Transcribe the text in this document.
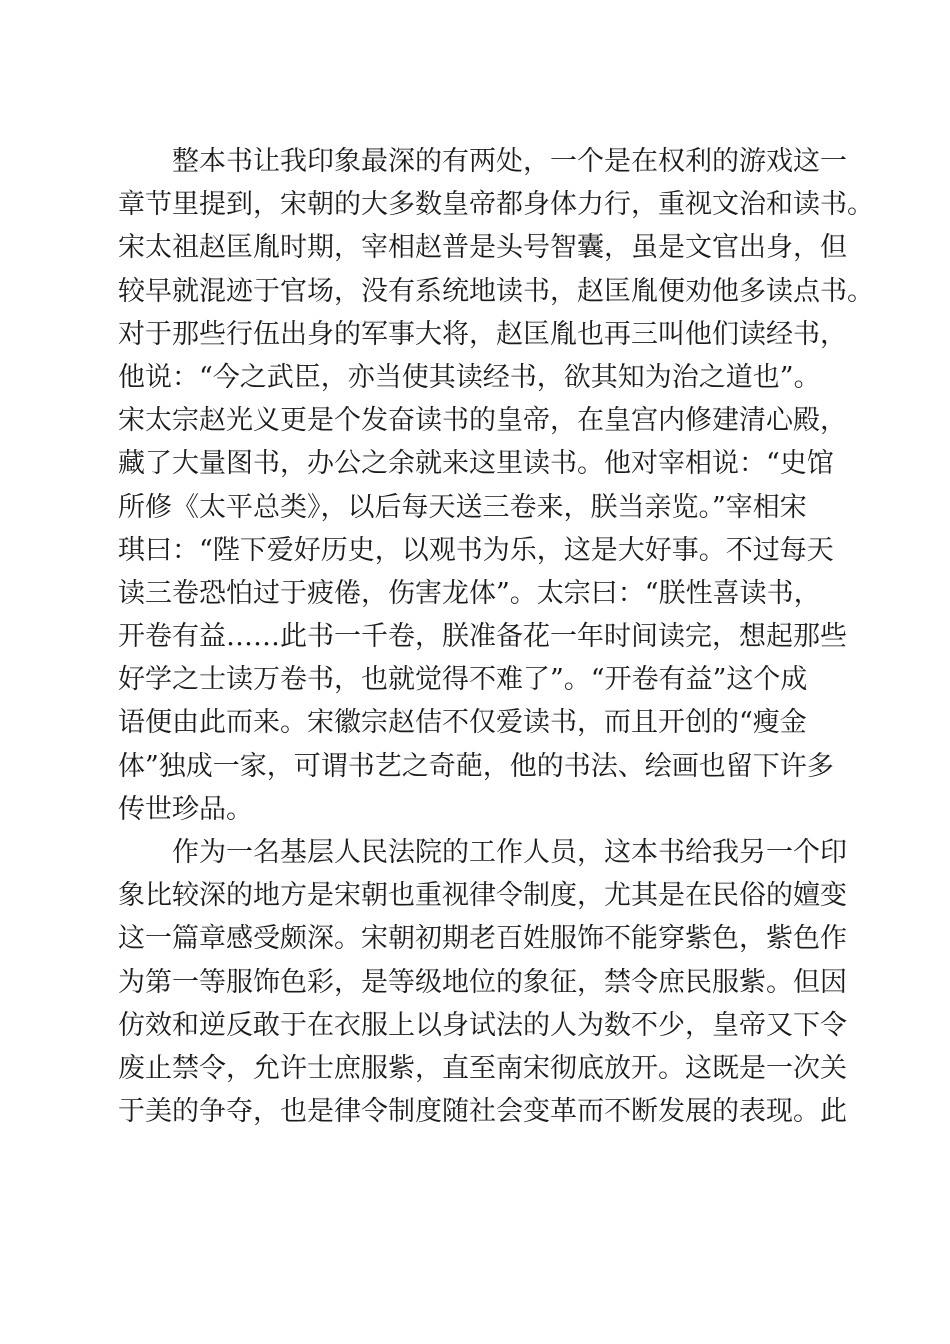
整本书让我印象最深的有两处，一个是在权利的游戏这一
章节里提到，宋朝的大多数皇帝都身体力行，重视文治和读书。
宋太祖赵匡胤时期，宰相赵普是头号智囊，虽是文官出身，但
较早就混迹于官场，没有系统地读书，赵匡胤便劝他多读点书。
对于那些行伍出身的军事大将，赵匡胤也再三叫他们读经书，
他说：“今之武臣，亦当使其读经书，欲其知为治之道也”。
宋太宗赵光义更是个发奋读书的皇帝，在皇宫内修建清心殿，
藏了大量图书，办公之余就来这里读书。他对宰相说：“史馆
所修《太平总类》，以后每天送三卷来，朕当亲览。”宰相宋
琪曰：“陛下爱好历史，以观书为乐，这是大好事。不过每天
读三卷恐怕过于疲倦，伤害龙体”。太宗曰：“朕性喜读书，
开卷有益……此书一千卷，朕准备花一年时间读完，想起那些
好学之士读万卷书，也就觉得不难了”。“开卷有益”这个成
语便由此而来。宋徽宗赵佶不仅爱读书，而且开创的“瘦金
体”独成一家，可谓书艺之奇葩，他的书法、绘画也留下许多
传世珍品。
作为一名基层人民法院的工作人员，这本书给我另一个印
象比较深的地方是宋朝也重视律令制度，尤其是在民俗的嬗变
这一篇章感受颇深。宋朝初期老百姓服饰不能穿紫色，紫色作
为第一等服饰色彩，是等级地位的象征，禁令庶民服紫。但因
仿效和逆反敢于在衣服上以身试法的人为数不少，皇帝又下令
废止禁令，允许士庶服紫，直至南宋彻底放开。这既是一次关
于美的争夺，也是律令制度随社会变革而不断发展的表现。此
